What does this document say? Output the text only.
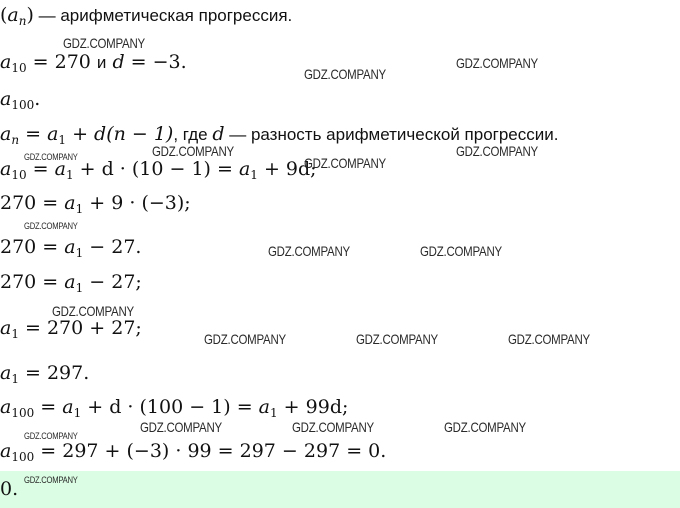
$(a_n)$ — арифметическая прогрессия.
$a_{10} = 270$ и d = −3.
$a_{100}$.
$a_n = a_1 + d(n - 1)$, где d — разность арифметической прогрессии.
$a_{10} = a_1 + d \cdot (10 - 1) = a_1 + 9d$;
$270 = a_1 + 9 \cdot (-3)$;
$270 = a_1 - 27$.
$270 = a_1 - 27$;
$a_1 = 270 + 27$;
$a_1 = 297$.
$a_{100} = a_1 + d \cdot (100 - 1) = a_1 + 99d$;
$a_{100} = 297 + (-3) \cdot 99 = 297 - 297 = 0$.
0.
GDZ.COMPANY
GDZ.COMPANY
GDZ.COMPANY
GDZ.COMPANY	GDZ.COMPANY
GDZ.COMPANY
GDZ.COMPANY
GDZ.COMPANY
GDZ.COMPANY	GDZ.COMPANY
GDZ.COMPANY
GDZ.COMPANY	GDZ.COMPANY	GDZ.COMPANY
GDZ.COMPANY	GDZ.COMPANY	GDZ.COMPANY
GDZ.COMPANY
GDZ.COMPANY
